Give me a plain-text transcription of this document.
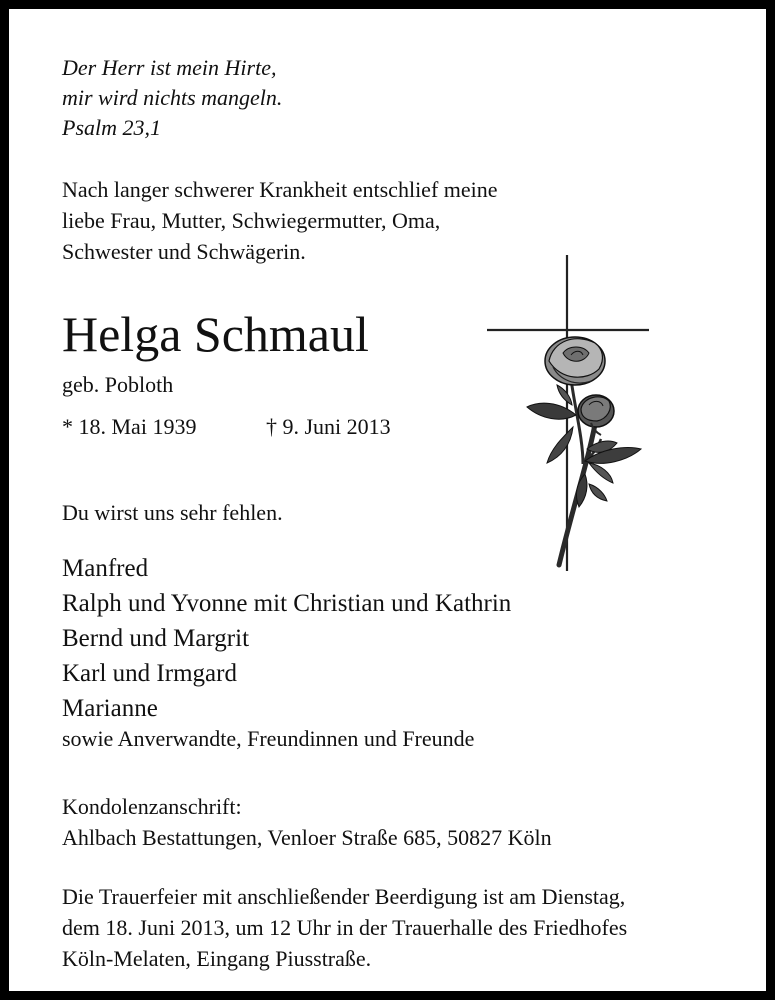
Der Herr ist mein Hirte,

mir wird nichts mangeln.

Psalm 23,1

Nach langer schwerer Krankheit entschlief meine

liebe Frau, Mutter, Schwiegermutter, Oma,

Schwester und Schwägerin.

Helga Schmaul

geb. Pobloth

* 18. Mai 1939	† 9. Juni 2013

Du wirst uns sehr fehlen.

Manfred

Ralph und Yvonne mit Christian und Kathrin

Bernd und Margrit

Karl und Irmgard

Marianne

sowie Anverwandte, Freundinnen und Freunde

Kondolenzanschrift:

Ahlbach Bestattungen, Venloer Straße 685, 50827 Köln

Die Trauerfeier mit anschließender Beerdigung ist am Dienstag,

dem 18. Juni 2013, um 12 Uhr in der Trauerhalle des Friedhofes

Köln-Melaten, Eingang Piusstraße.
